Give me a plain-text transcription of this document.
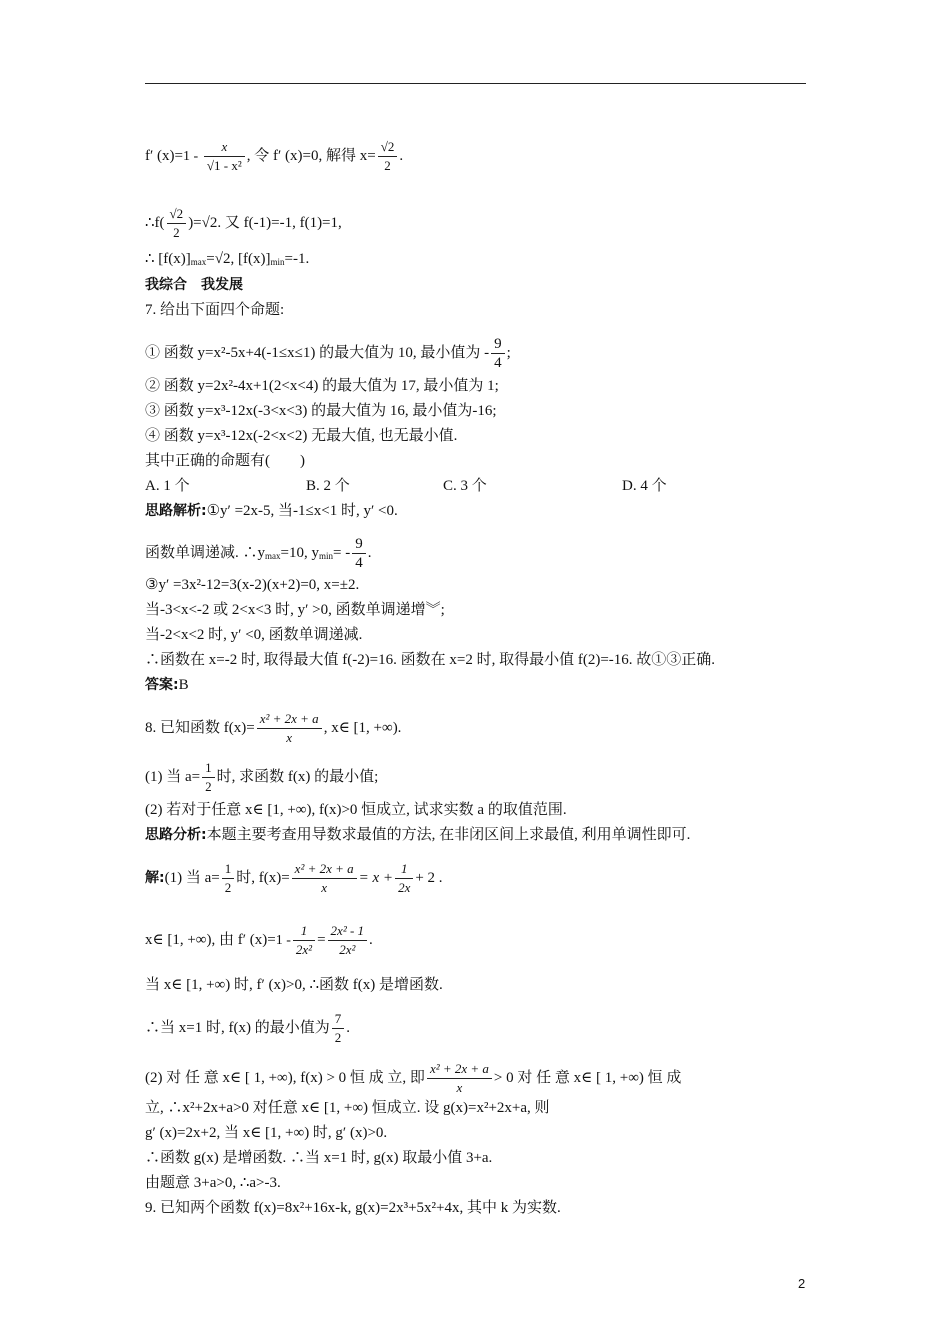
f′ $(x)=1 - \frac{x}{\text{√1 - x²}}$ , 令 f′ (x)=0, 解得 $x= \frac{√2}{2}$ .
∴f( $\frac{√2}{2} )=√2$. 又 f(-1)=-1, f(1)=1,
∴ $[f(x)]_{max}=√2$, $[f(x)]_{min}=-1$.
我综合　我发展
7. 给出下面四个命题:
① 函数 y=x²-5x+4(-1≤x≤1) 的最大值为 10, 最小值为 - $\frac{9}{4}$ ;
② 函数 y=2x²-4x+1(2<x<4) 的最大值为 17, 最小值为 1;
③ 函数 y=x³-12x(-3<x<3) 的最大值为 16, 最小值为-16;
④ 函数 y=x³-12x(-2<x<2) 无最大值, 也无最小值.
其中正确的命题有(　　)
A. 1 个	B. 2 个	C. 3 个	D. 4 个
思路解析:①y′ =2x-5, 当-1≤x<1 时, y′ <0.
函数单调递减. $\therefore y_{max}=10$, $y_{min}= - \frac{9}{4}$ .
③y′ =3x²-12=3(x-2)(x+2)=0, x=±2.
当-3<x<-2 或 2<x<3 时, y′ >0, 函数单调递增︾;
当-2<x<2 时, y′ <0, 函数单调递减.
∴函数在 x=-2 时, 取得最大值 f(-2)=16. 函数在 x=2 时, 取得最小值 f(2)=-16. 故①③正确.
答案:B
8. 已知函数 $f(x)= \frac{\text{x² + 2x + a}}{x}$ , x∈ [1, +∞).
(1) 当 $a= \frac{1}{2}$ 时, 求函数 f(x) 的最小值;
(2) 若对于任意 x∈ [1, +∞), f(x)>0 恒成立, 试求实数 a 的取值范围.
思路分析:本题主要考查用导数求最值的方法, 在非闭区间上求最值, 利用单调性即可.
解:(1) 当 $a= \frac{1}{2}$ 时, $f(x)= \frac{\text{x² + 2x + a}}{x} = x + \frac{1}{2x} + 2$ .
x∈ [1, +∞), 由 f′ $(x)=1 - \frac{1}{\text{2x²}} = \frac{\text{2x² - 1}}{\text{2x²}}$ .
当 x∈ [1, +∞) 时, f′ (x)>0, ∴函数 f(x) 是增函数.
∴当 x=1 时, f(x) 的最小值为 $\frac{7}{2}$ .
(2) 对 任 意 x∈ [ 1, +∞), f(x) > 0 恒 成 立, 即 $\frac{\text{x² + 2x + a}}{x} > 0$ 对 任 意 x∈ [ 1, +∞) 恒 成
立, ∴x²+2x+a>0 对任意 x∈ [1, +∞) 恒成立. 设 g(x)=x²+2x+a, 则
g′ (x)=2x+2, 当 x∈ [1, +∞) 时, g′ (x)>0.
∴函数 g(x) 是增函数. ∴当 x=1 时, g(x) 取最小值 3+a.
由题意 3+a>0, ∴a>-3.
9. 已知两个函数 f(x)=8x²+16x-k, g(x)=2x³+5x²+4x, 其中 k 为实数.
2
